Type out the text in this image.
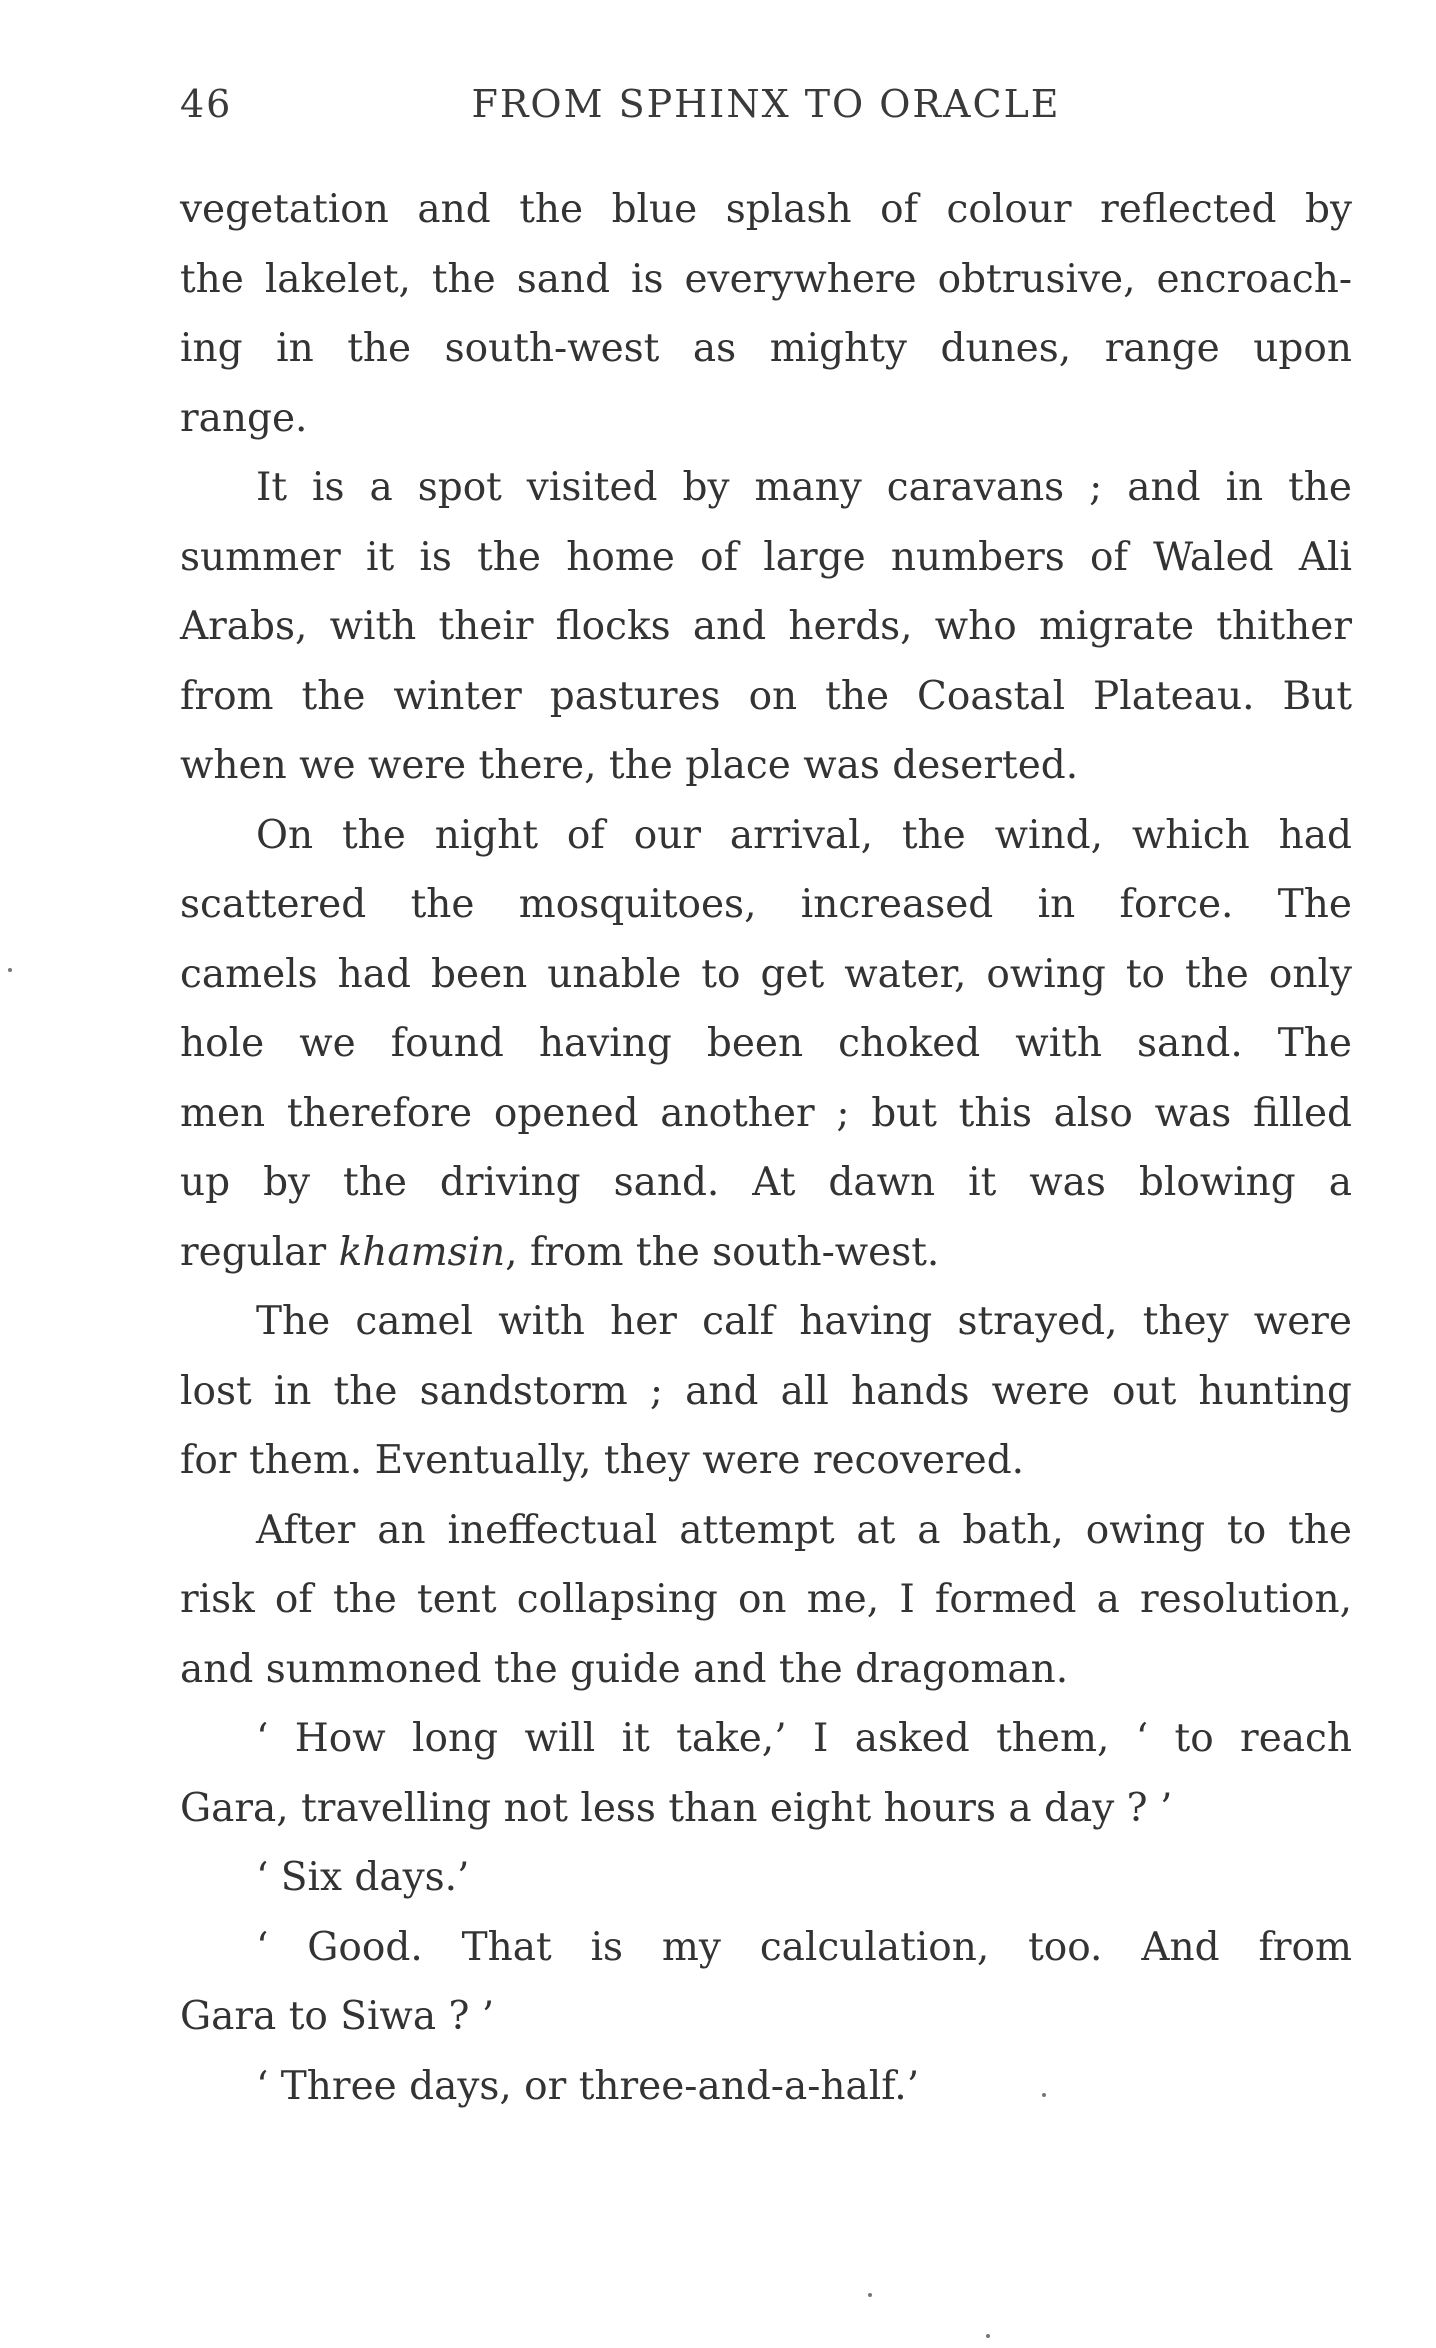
46	FROM SPHINX TO ORACLE
vegetation and the blue splash of colour reflected by
the lakelet, the sand is everywhere obtrusive, encroach-
ing in the south-west as mighty dunes, range upon
range.
It is a spot visited by many caravans ; and in the
summer it is the home of large numbers of Waled Ali
Arabs, with their flocks and herds, who migrate thither
from the winter pastures on the Coastal Plateau. But
when we were there, the place was deserted.
On the night of our arrival, the wind, which had
scattered the mosquitoes, increased in force. The
camels had been unable to get water, owing to the only
hole we found having been choked with sand. The
men therefore opened another ; but this also was filled
up by the driving sand. At dawn it was blowing a
regular khamsin, from the south-west.
The camel with her calf having strayed, they were
lost in the sandstorm ; and all hands were out hunting
for them. Eventually, they were recovered.
After an ineffectual attempt at a bath, owing to the
risk of the tent collapsing on me, I formed a resolution,
and summoned the guide and the dragoman.
‘ How long will it take,’ I asked them, ‘ to reach
Gara, travelling not less than eight hours a day ? ’
‘ Six days.’
‘ Good. That is my calculation, too. And from
Gara to Siwa ? ’
‘ Three days, or three-and-a-half.’
